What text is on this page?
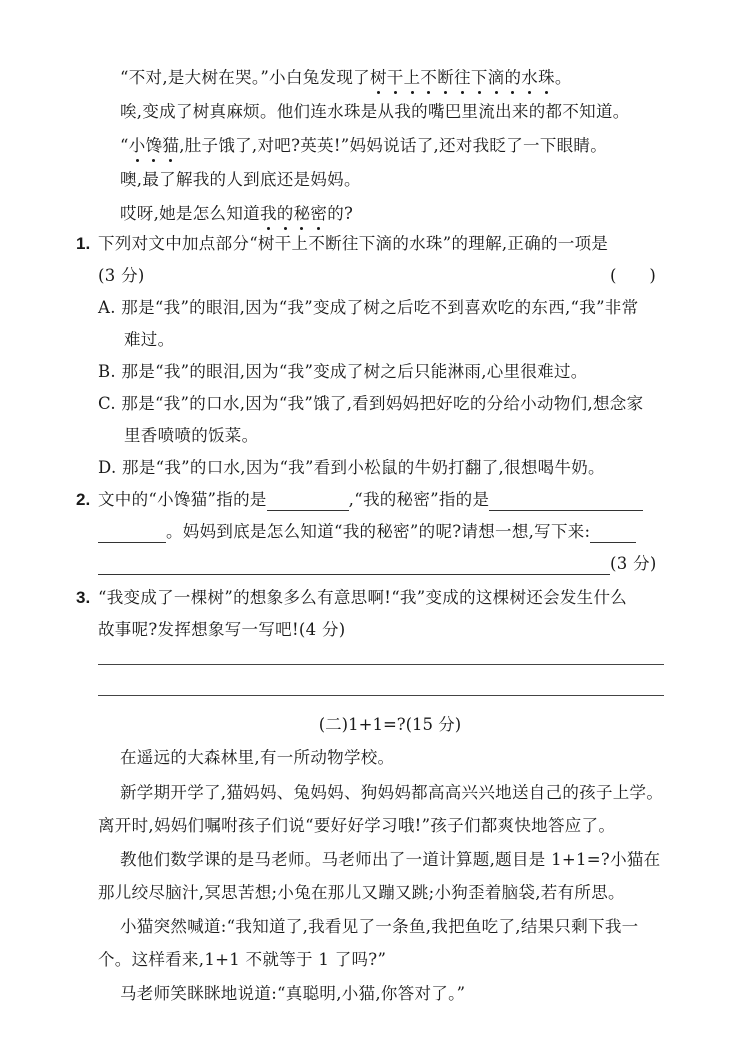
“不对,是大树在哭。”小白兔发现了树干上不断往下滴的水珠。
唉,变成了树真麻烦。他们连水珠是从我的嘴巴里流出来的都不知道。
“小馋猫,肚子饿了,对吧?英英!”妈妈说话了,还对我眨了一下眼睛。
噢,最了解我的人到底还是妈妈。
哎呀,她是怎么知道我的秘密的?
1. 下列对文中加点部分“树干上不断往下滴的水珠”的理解,正确的一项是
(3 分)	(　　)
A. 那是“我”的眼泪,因为“我”变成了树之后吃不到喜欢吃的东西,“我”非常
难过。
B. 那是“我”的眼泪,因为“我”变成了树之后只能淋雨,心里很难过。
C. 那是“我”的口水,因为“我”饿了,看到妈妈把好吃的分给小动物们,想念家
里香喷喷的饭菜。
D. 那是“我”的口水,因为“我”看到小松鼠的牛奶打翻了,很想喝牛奶。
2. 文中的“小馋猫”指的是	,“我的秘密”指的是
。妈妈到底是怎么知道“我的秘密”的呢?请想一想,写下来:
(3 分)
3. “我变成了一棵树”的想象多么有意思啊!“我”变成的这棵树还会发生什么
故事呢?发挥想象写一写吧!(4 分)
(二)1+1=?(15 分)
在遥远的大森林里,有一所动物学校。
新学期开学了,猫妈妈、兔妈妈、狗妈妈都高高兴兴地送自己的孩子上学。
离开时,妈妈们嘱咐孩子们说“要好好学习哦!”孩子们都爽快地答应了。
教他们数学课的是马老师。马老师出了一道计算题,题目是 1+1=?小猫在
那儿绞尽脑汁,冥思苦想;小兔在那儿又蹦又跳;小狗歪着脑袋,若有所思。
小猫突然喊道:“我知道了,我看见了一条鱼,我把鱼吃了,结果只剩下我一
个。这样看来,1+1 不就等于 1 了吗?”
马老师笑眯眯地说道:“真聪明,小猫,你答对了。”
